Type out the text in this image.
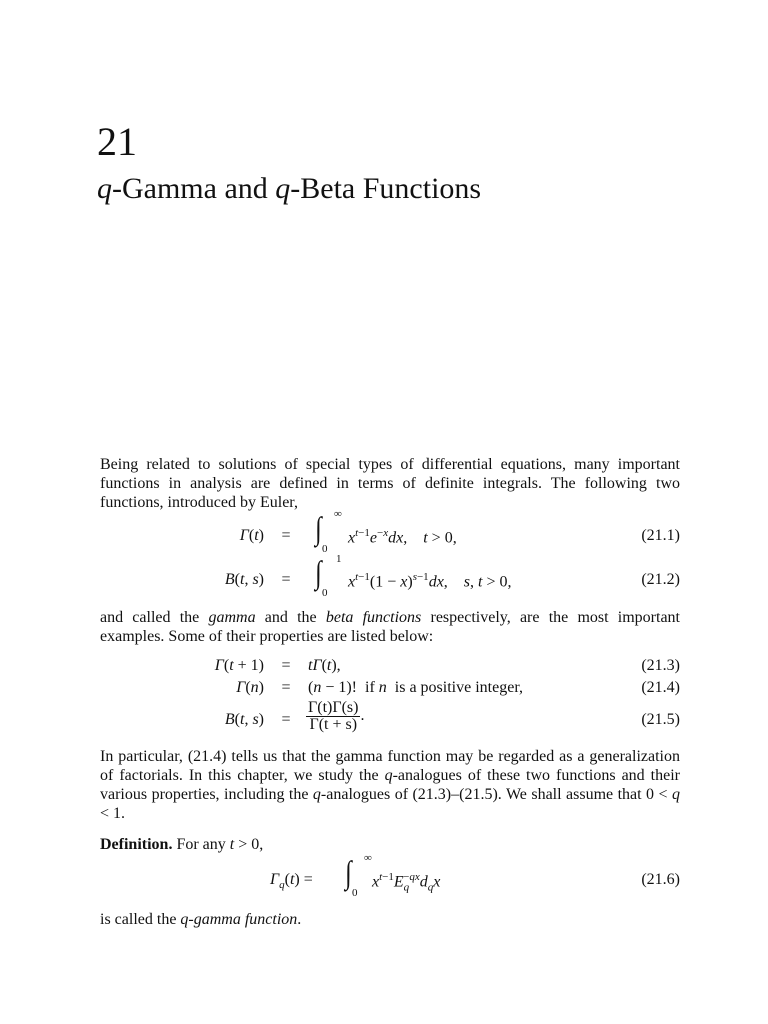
21
q-Gamma and q-Beta Functions

Being related to solutions of special types of differential equations, many important functions in analysis are defined in terms of definite integrals. The following two functions, introduced by Euler,

Γ(t)	= ∫ ∞
0
$x^{t-1}e^{-x}dx$,    t > 0,	(21.1)
B(t, s)	= ∫ 1
0
$x^{t-1}(1 - x)^{s-1}dx$,    s, t > 0,	(21.2)

and called the gamma and the beta functions respectively, are the most important examples. Some of their properties are listed below:

Γ(t + 1)	=	tΓ(t),	(21.3)
Γ(n)	=	(n − 1)!  if n  is a positive integer,	(21.4)
B(t, s)	= $\frac{\Gamma(t)\Gamma(s)}{\Gamma(t + s)}$ .	(21.5)

In particular, (21.4) tells us that the gamma function may be regarded as a generalization of factorials. In this chapter, we study the q-analogues of these two functions and their various properties, including the q-analogues of (21.3)–(21.5). We shall assume that 0 < q < 1.

Definition. For any t > 0,

$\Gamma_q(t)$ = ∫ ∞
0
$x^{t-1}E_q^{-qx}d_qx$	(21.6)

is called the q-gamma function.
